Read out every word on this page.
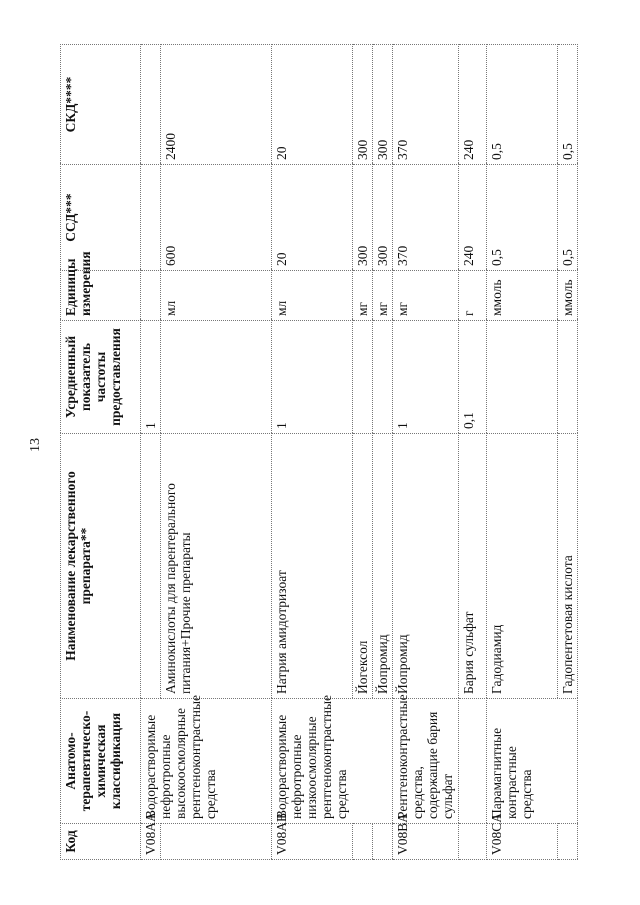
13
Код	Анатомо-терапевтическо-химическая классификация	Наименование лекарственного препарата**	Усредненный показатель частоты предоставления	Единицы измерения	ССД***	СКД****
V08AA	Водорастворимые нефротропные высокоосмолярные рентгеноконтрастные средства		1			
		Аминокислоты для парентерального питания+Прочие препараты		мл	600	2400
V08AB	Водорастворимые нефротропные низкоосмолярные рентгеноконтрастные средства	Натрия амидотризоат	1	мл	20	20
		Йогексол		мг	300	300
		Йопромид		мг	300	300
V08BA	Рентгеноконтрастные средства, содержащие бария сульфат	Йопромид	1	мг	370	370
		Бария сульфат	0,1	г	240	240
V08CA	Парамагнитные контрастные средства	Гадодиамид		ммоль	0,5	0,5
		Гадопентетовая кислота		ммоль	0,5	0,5
